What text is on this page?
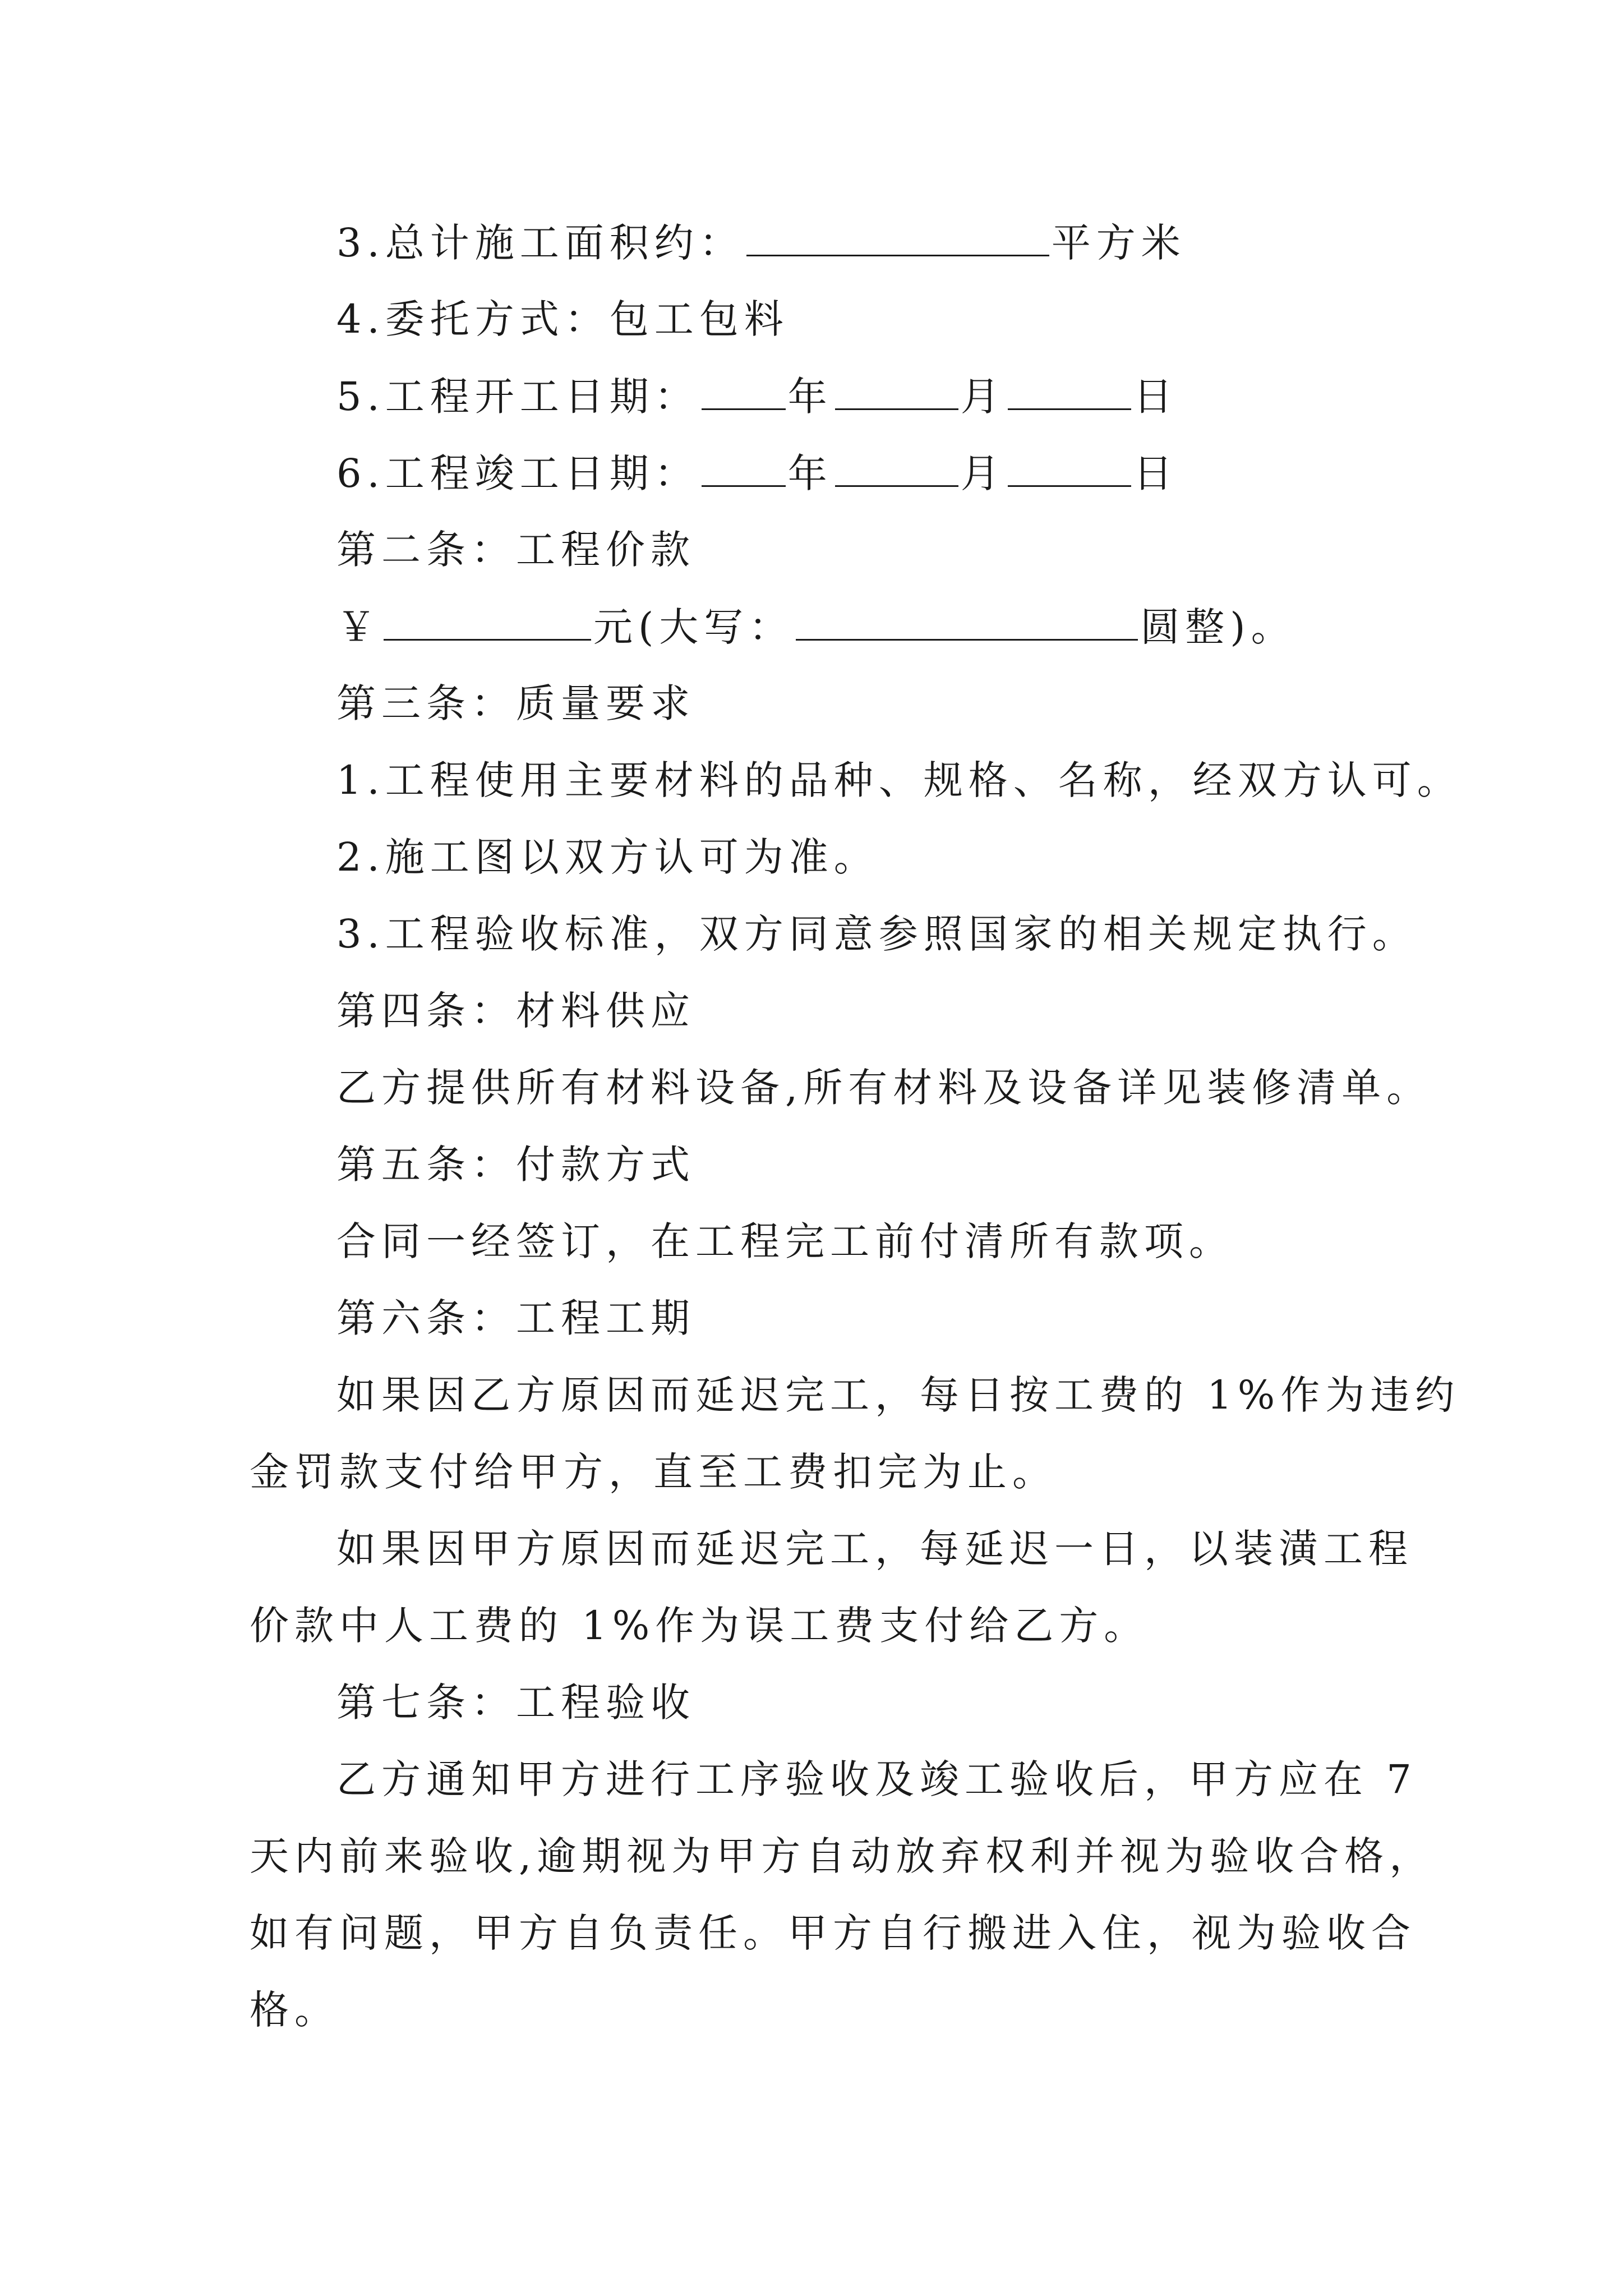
3.总计施工面积约：	平方米
4.委托方式：包工包料
5.工程开工日期： 年	月	日
6.工程竣工日期： 年	月	日
第二条：工程价款
￥	元(大写：	圆整)。
第三条：质量要求
1.工程使用主要材料的品种、规格、名称，经双方认可。
2.施工图以双方认可为准。
3.工程验收标准，双方同意参照国家的相关规定执行。
第四条：材料供应
乙方提供所有材料设备,所有材料及设备详见装修清单。
第五条：付款方式
合同一经签订，在工程完工前付清所有款项。
第六条：工程工期
如果因乙方原因而延迟完工，每日按工费的 1%作为违约
金罚款支付给甲方，直至工费扣完为止。
如果因甲方原因而延迟完工，每延迟一日，以装潢工程
价款中人工费的 1%作为误工费支付给乙方。
第七条：工程验收
乙方通知甲方进行工序验收及竣工验收后，甲方应在 7
天内前来验收,逾期视为甲方自动放弃权利并视为验收合格，
如有问题，甲方自负责任。甲方自行搬进入住，视为验收合
格。
